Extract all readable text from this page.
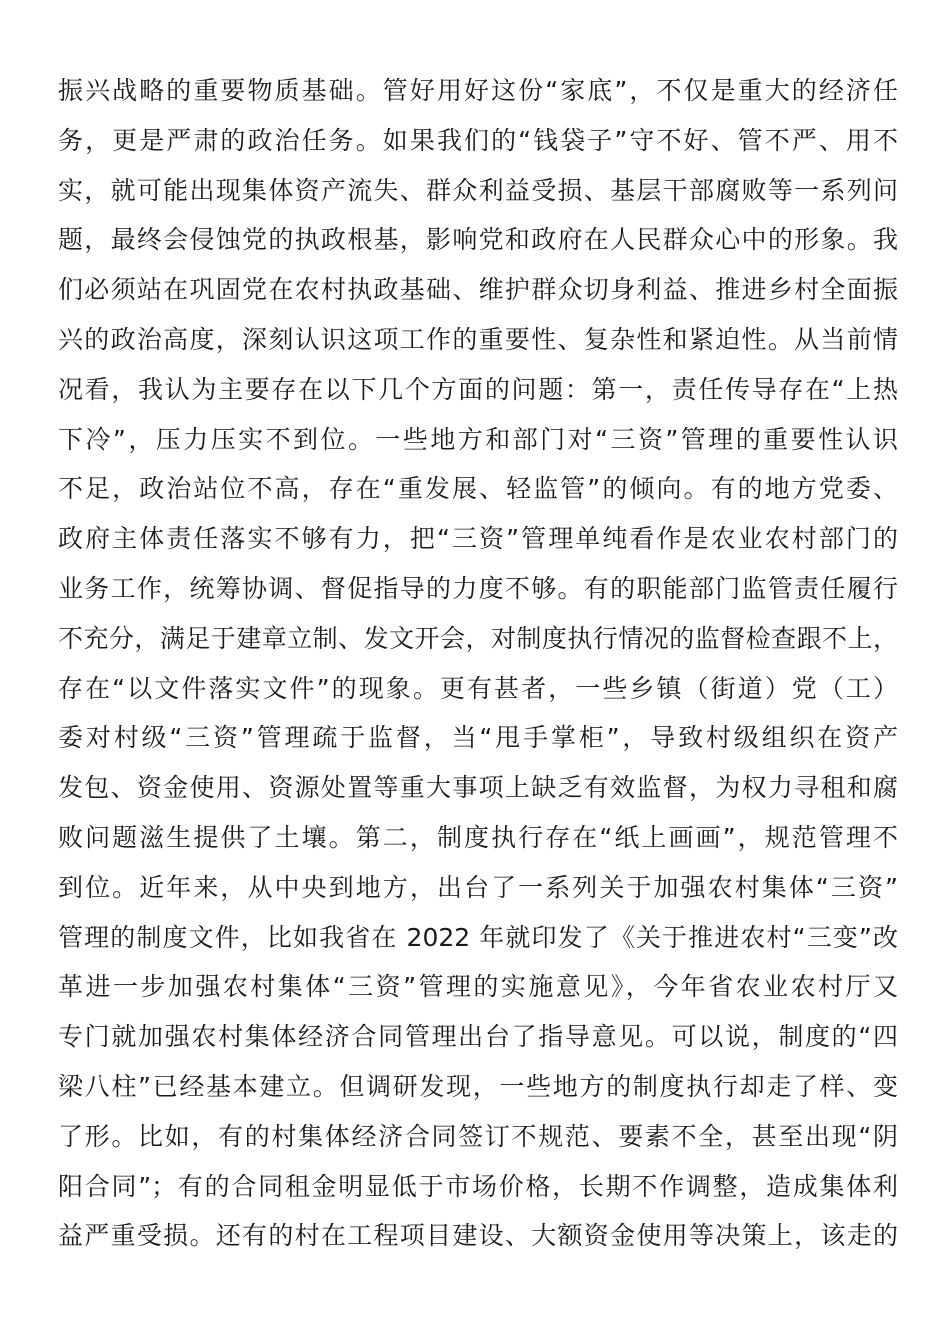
振兴战略的重要物质基础。管好用好这份“家底”，不仅是重大的经济任
务，更是严肃的政治任务。如果我们的“钱袋子”守不好、管不严、用不
实，就可能出现集体资产流失、群众利益受损、基层干部腐败等一系列问
题，最终会侵蚀党的执政根基，影响党和政府在人民群众心中的形象。我
们必须站在巩固党在农村执政基础、维护群众切身利益、推进乡村全面振
兴的政治高度，深刻认识这项工作的重要性、复杂性和紧迫性。从当前情
况看，我认为主要存在以下几个方面的问题：第一，责任传导存在“上热
下冷”，压力压实不到位。一些地方和部门对“三资”管理的重要性认识
不足，政治站位不高，存在“重发展、轻监管”的倾向。有的地方党委、
政府主体责任落实不够有力，把“三资”管理单纯看作是农业农村部门的
业务工作，统筹协调、督促指导的力度不够。有的职能部门监管责任履行
不充分，满足于建章立制、发文开会，对制度执行情况的监督检查跟不上，
存在“以文件落实文件”的现象。更有甚者，一些乡镇（街道）党（工）
委对村级“三资”管理疏于监督，当“甩手掌柜”，导致村级组织在资产
发包、资金使用、资源处置等重大事项上缺乏有效监督，为权力寻租和腐
败问题滋生提供了土壤。第二，制度执行存在“纸上画画”，规范管理不
到位。近年来，从中央到地方，出台了一系列关于加强农村集体“三资”
管理的制度文件，比如我省在 2022 年就印发了《关于推进农村“三变”改
革进一步加强农村集体“三资”管理的实施意见》，今年省农业农村厅又
专门就加强农村集体经济合同管理出台了指导意见。可以说，制度的“四
梁八柱”已经基本建立。但调研发现，一些地方的制度执行却走了样、变
了形。比如，有的村集体经济合同签订不规范、要素不全，甚至出现“阴
阳合同”；有的合同租金明显低于市场价格，长期不作调整，造成集体利
益严重受损。还有的村在工程项目建设、大额资金使用等决策上，该走的
